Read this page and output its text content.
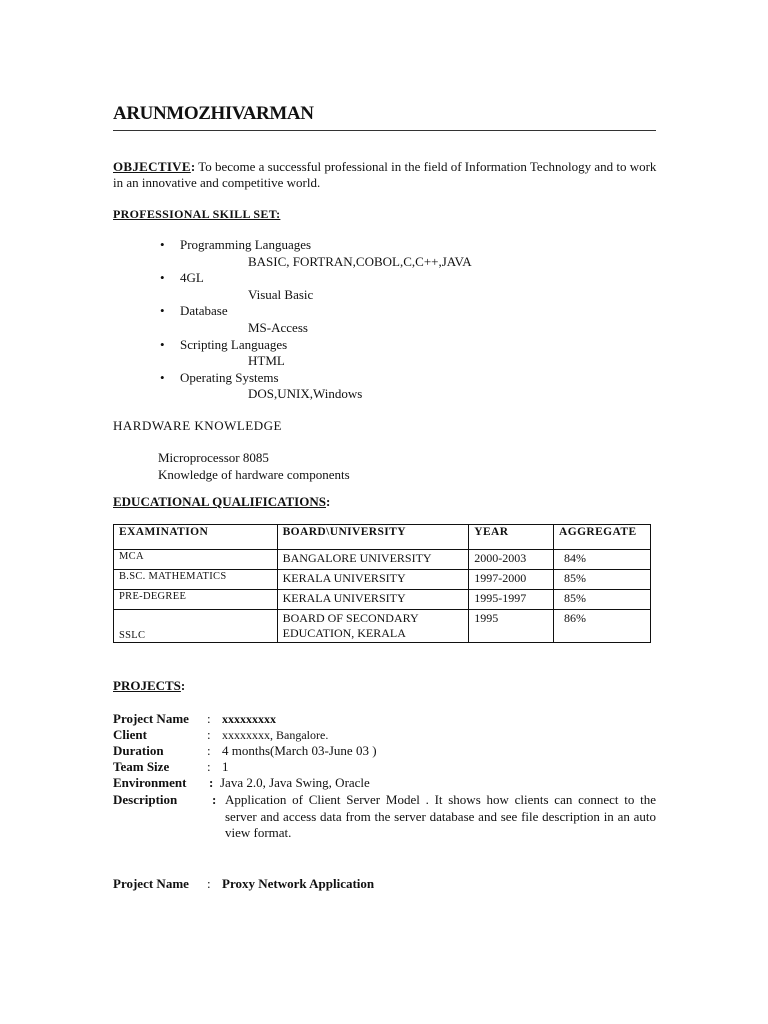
ARUNMOZHIVARMAN
OBJECTIVE: To become a successful professional in the field of Information Technology and to work in an innovative and competitive world.
PROFESSIONAL SKILL SET:
• Programming Languages
BASIC, FORTRAN,COBOL,C,C++,JAVA
• 4GL
Visual Basic
• Database
MS-Access
• Scripting Languages
HTML
• Operating Systems
DOS,UNIX,Windows
HARDWARE KNOWLEDGE
Microprocessor 8085
Knowledge of hardware components
EDUCATIONAL QUALIFICATIONS:
EXAMINATION	BOARD\UNIVERSITY	YEAR	AGGREGATE
MCA	BANGALORE UNIVERSITY	2000-2003	84%
B.SC. MATHEMATICS	KERALA UNIVERSITY	1997-2000	85%
PRE-DEGREE	KERALA UNIVERSITY	1995-1997	85%
SSLC	BOARD OF SECONDARY EDUCATION, KERALA	1995	86%
PROJECTS:
Project Name : xxxxxxxxx
Client	: xxxxxxxx, Bangalore.
Duration	: 4 months(March 03-June 03 )
Team Size	: 1
Environment : Java 2.0, Java Swing, Oracle
Description	: Application of Client Server Model . It shows how clients can connect to the server and access data from the server database and see file description in an auto view format.
Project Name : Proxy Network Application
